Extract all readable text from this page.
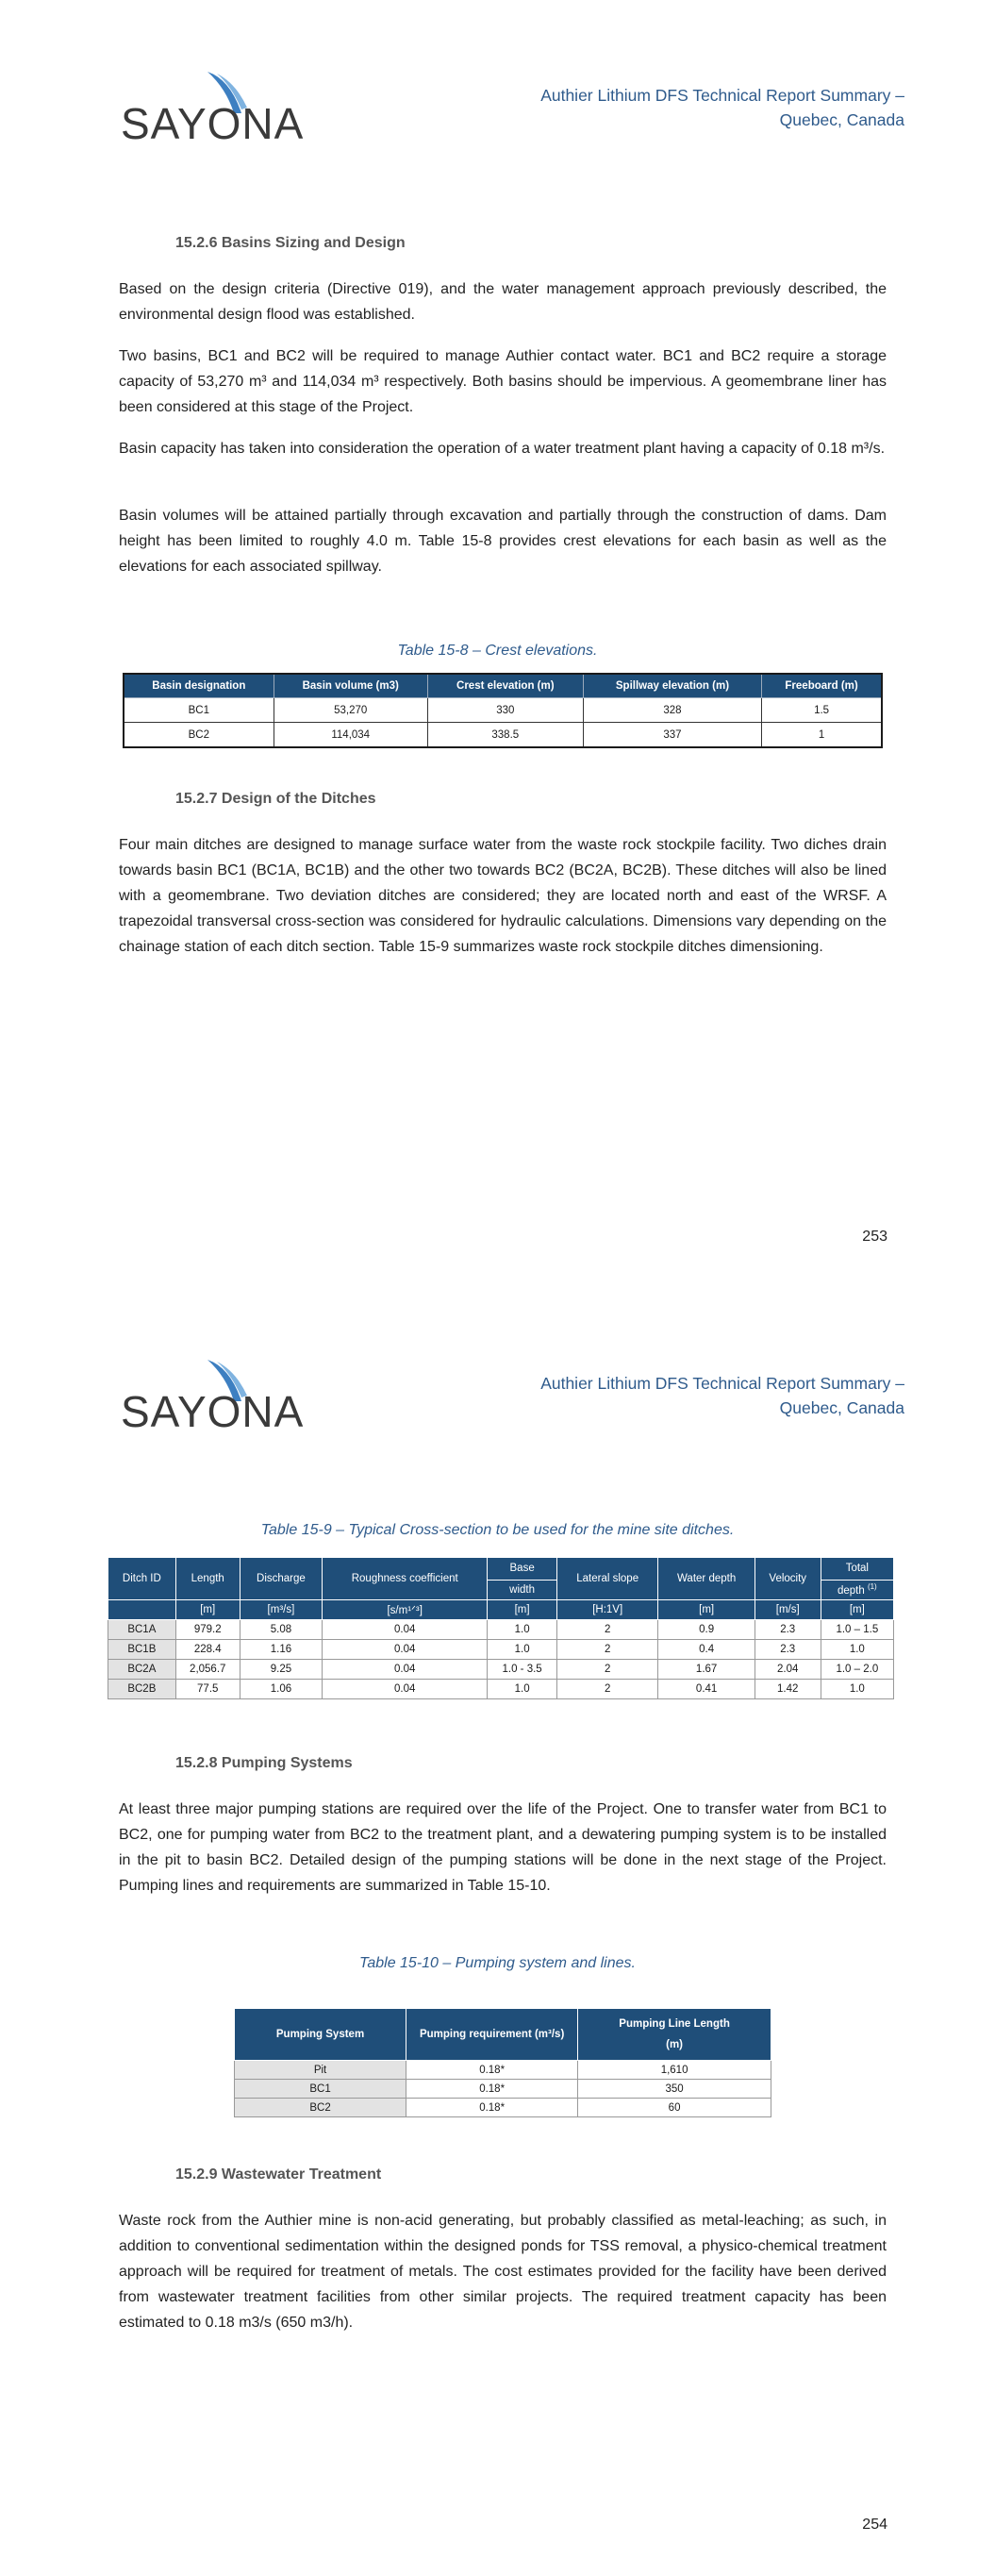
SAYONA
Authier Lithium DFS Technical Report Summary –
Quebec, Canada
15.2.6 Basins Sizing and Design

Based on the design criteria (Directive 019), and the water management approach previously described, the environmental design flood was established.

Two basins, BC1 and BC2 will be required to manage Authier contact water. BC1 and BC2 require a storage capacity of 53,270 m³ and 114,034 m³ respectively. Both basins should be impervious. A geomembrane liner has been considered at this stage of the Project.

Basin capacity has taken into consideration the operation of a water treatment plant having a capacity of 0.18 m³/s.

Basin volumes will be attained partially through excavation and partially through the construction of dams. Dam height has been limited to roughly 4.0 m. Table 15-8 provides crest elevations for each basin as well as the elevations for each associated spillway.

Table 15-8 – Crest elevations.
Basin designation	Basin volume (m3)	Crest elevation (m)	Spillway elevation (m)	Freeboard (m)
BC1	53,270	330	328	1.5
BC2	114,034	338.5	337	1
15.2.7 Design of the Ditches

Four main ditches are designed to manage surface water from the waste rock stockpile facility. Two diches drain towards basin BC1 (BC1A, BC1B) and the other two towards BC2 (BC2A, BC2B). These ditches will also be lined with a geomembrane. Two deviation ditches are considered; they are located north and east of the WRSF. A trapezoidal transversal cross-section was considered for hydraulic calculations. Dimensions vary depending on the chainage station of each ditch section. Table 15-9 summarizes waste rock stockpile ditches dimensioning.

253
SAYONA
Authier Lithium DFS Technical Report Summary –
Quebec, Canada
Table 15-9 – Typical Cross-section to be used for the mine site ditches.
Ditch ID	Length	Discharge	Roughness coefficient	Base	Lateral slope	Water depth	Velocity	Total
				width				depth $^{(1)}$
	[m]	[m³/s]	[s/m¹ᐟ³]	[m]	[H:1V]	[m]	[m/s]	[m]
BC1A	979.2	5.08	0.04	1.0	2	0.9	2.3	1.0 – 1.5
BC1B	228.4	1.16	0.04	1.0	2	0.4	2.3	1.0
BC2A	2,056.7	9.25	0.04	1.0 - 3.5	2	1.67	2.04	1.0 – 2.0
BC2B	77.5	1.06	0.04	1.0	2	0.41	1.42	1.0
15.2.8 Pumping Systems

At least three major pumping stations are required over the life of the Project. One to transfer water from BC1 to BC2, one for pumping water from BC2 to the treatment plant, and a dewatering pumping system is to be installed in the pit to basin BC2. Detailed design of the pumping stations will be done in the next stage of the Project. Pumping lines and requirements are summarized in Table 15-10.

Table 15-10 – Pumping system and lines.
Pumping System	Pumping requirement (m³/s)	Pumping Line Length
(m)

Pit	0.18*	1,610
BC1	0.18*	350
BC2	0.18*	60
15.2.9 Wastewater Treatment

Waste rock from the Authier mine is non-acid generating, but probably classified as metal-leaching; as such, in addition to conventional sedimentation within the designed ponds for TSS removal, a physico-chemical treatment approach will be required for treatment of metals. The cost estimates provided for the facility have been derived from wastewater treatment facilities from other similar projects. The required treatment capacity has been estimated to 0.18 m3/s (650 m3/h).

254
